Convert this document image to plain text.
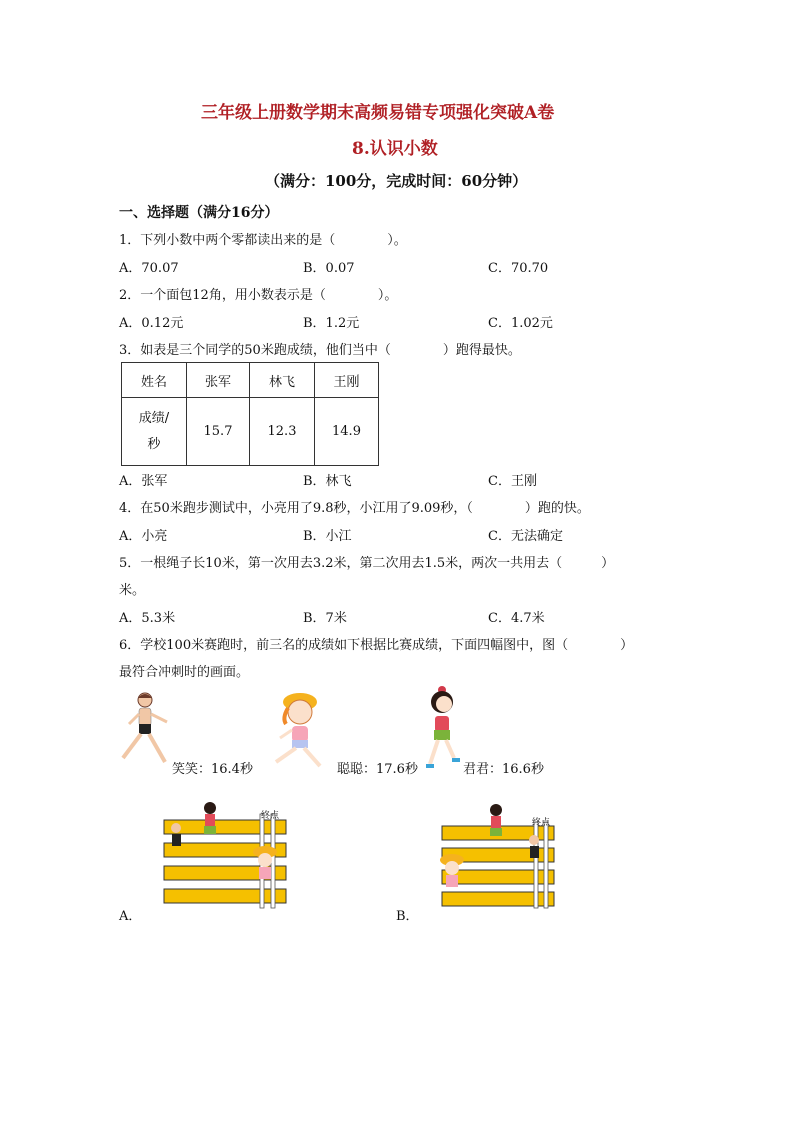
三年级上册数学期末高频易错专项强化突破A卷
8.认识小数
（满分：100分，完成时间：60分钟）
一、选择题（满分16分）
1．下列小数中两个零都读出来的是（　　　　）。
A．70.07	B．0.07	C．70.70
2．一个面包12角，用小数表示是（　　　　）。
A．0.12元	B．1.2元	C．1.02元
3．如表是三个同学的50米跑成绩，他们当中（　　　　）跑得最快。
姓名	张军	林飞	王刚
成绩/
秒	15.7	12.3	14.9
A．张军	B．林飞	C．王刚
4．在50米跑步测试中，小亮用了9.8秒，小江用了9.09秒，（　　　　）跑的快。
A．小亮	B．小江	C．无法确定
5．一根绳子长10米，第一次用去3.2米，第二次用去1.5米，两次一共用去（　　　）
米。
A．5.3米	B．7米	C．4.7米
6．学校100米赛跑时，前三名的成绩如下根据比赛成绩，下面四幅图中，图（　　　　）
最符合冲刺时的画面。
笑笑：16.4秒	聪聪：17.6秒	君君：16.6秒
终点
A．
终点
B．
